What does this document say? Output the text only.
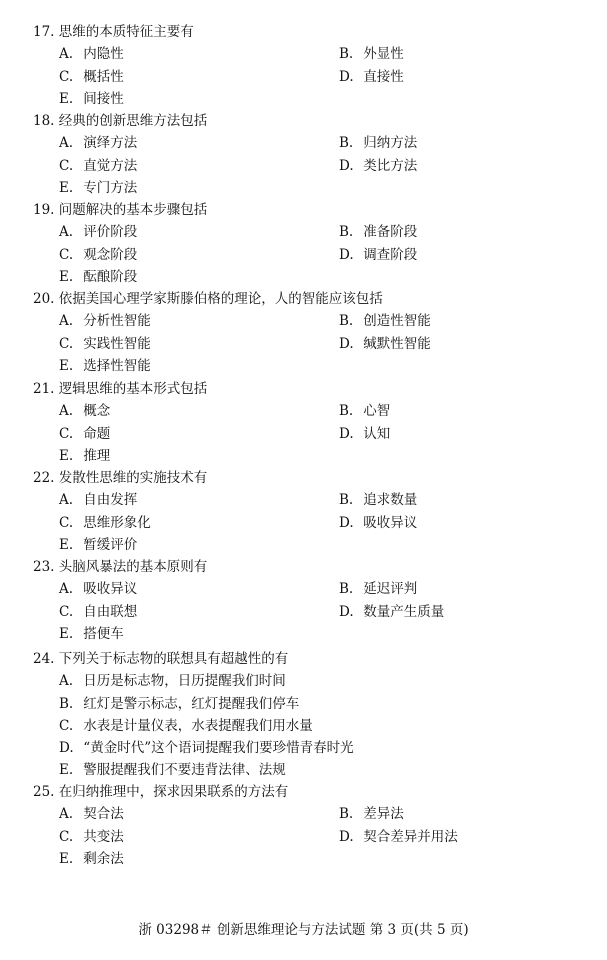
17. 思维的本质特征主要有
A. 内隐性	B. 外显性
C. 概括性	D. 直接性
E. 间接性
18. 经典的创新思维方法包括
A. 演绎方法	B. 归纳方法
C. 直觉方法	D. 类比方法
E. 专门方法
19. 问题解决的基本步骤包括
A. 评价阶段	B. 准备阶段
C. 观念阶段	D. 调查阶段
E. 酝酿阶段
20. 依据美国心理学家斯滕伯格的理论，人的智能应该包括
A. 分析性智能	B. 创造性智能
C. 实践性智能	D. 缄默性智能
E. 选择性智能
21. 逻辑思维的基本形式包括
A. 概念	B. 心智
C. 命题	D. 认知
E. 推理
22. 发散性思维的实施技术有
A. 自由发挥	B. 追求数量
C. 思维形象化	D. 吸收异议
E. 暂缓评价
23. 头脑风暴法的基本原则有
A. 吸收异议	B. 延迟评判
C. 自由联想	D. 数量产生质量
E. 搭便车
24. 下列关于标志物的联想具有超越性的有
A. 日历是标志物，日历提醒我们时间
B. 红灯是警示标志，红灯提醒我们停车
C. 水表是计量仪表，水表提醒我们用水量
D. “黄金时代”这个语词提醒我们要珍惜青春时光
E. 警服提醒我们不要违背法律、法规
25. 在归纳推理中，探求因果联系的方法有
A. 契合法	B. 差异法
C. 共变法	D. 契合差异并用法
E. 剩余法
浙 03298＃ 创新思维理论与方法试题 第 3 页(共 5 页)
